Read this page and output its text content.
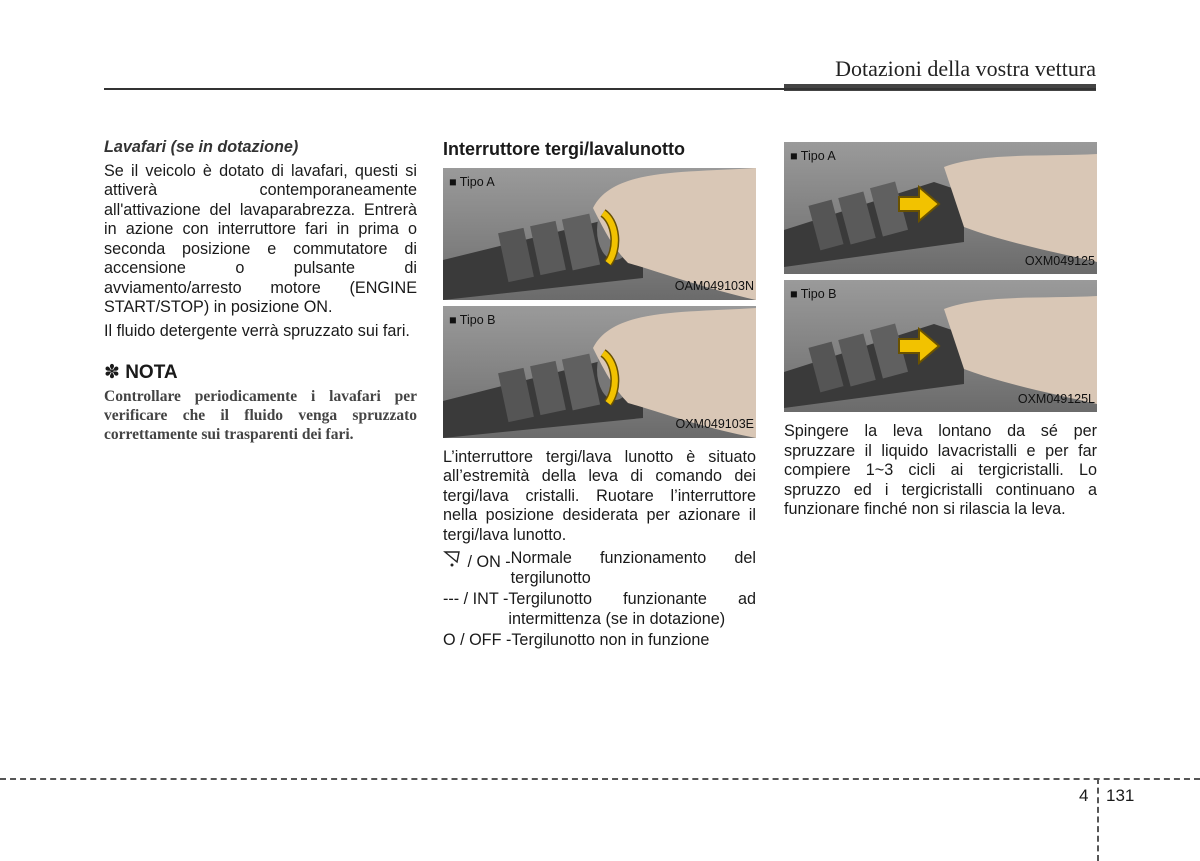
Dotazioni della vostra vettura
Lavafari (se in dotazione)
Se il veicolo è dotato di lavafari, questi si attiverà contemporaneamente all'attivazione del lavaparabrezza. Entrerà in azione con interruttore fari in prima o seconda posizione e commutatore di accensione o pulsante di avviamento/arresto motore (ENGINE START/STOP) in posizione ON.
Il fluido detergente verrà spruzzato sui fari.
✽ NOTA
Controllare periodicamente i lavafari per verificare che il fluido venga spruzzato correttamente sui trasparenti dei fari.
Interruttore tergi/lavalunotto
■ Tipo A
OAM049103N
■ Tipo B
OXM049103E
L’interruttore tergi/lava lunotto è situato all’estremità della leva di comando dei tergi/lava cristalli. Ruotare l’interruttore nella posizione desiderata per azionare il tergi/lava lunotto.
/ ON - Normale funzionamento del tergilunotto
--- / INT - Tergilunotto funzionante ad intermittenza (se in dotazione)
O / OFF - Tergilunotto non in funzione
■ Tipo A
OXM049125
■ Tipo B
OXM049125L
Spingere la leva lontano da sé per spruzzare il liquido lavacristalli e per far compiere 1~3 cicli ai tergicristalli. Lo spruzzo ed i tergicristalli continuano a funzionare finché non si rilascia la leva.
4 131
